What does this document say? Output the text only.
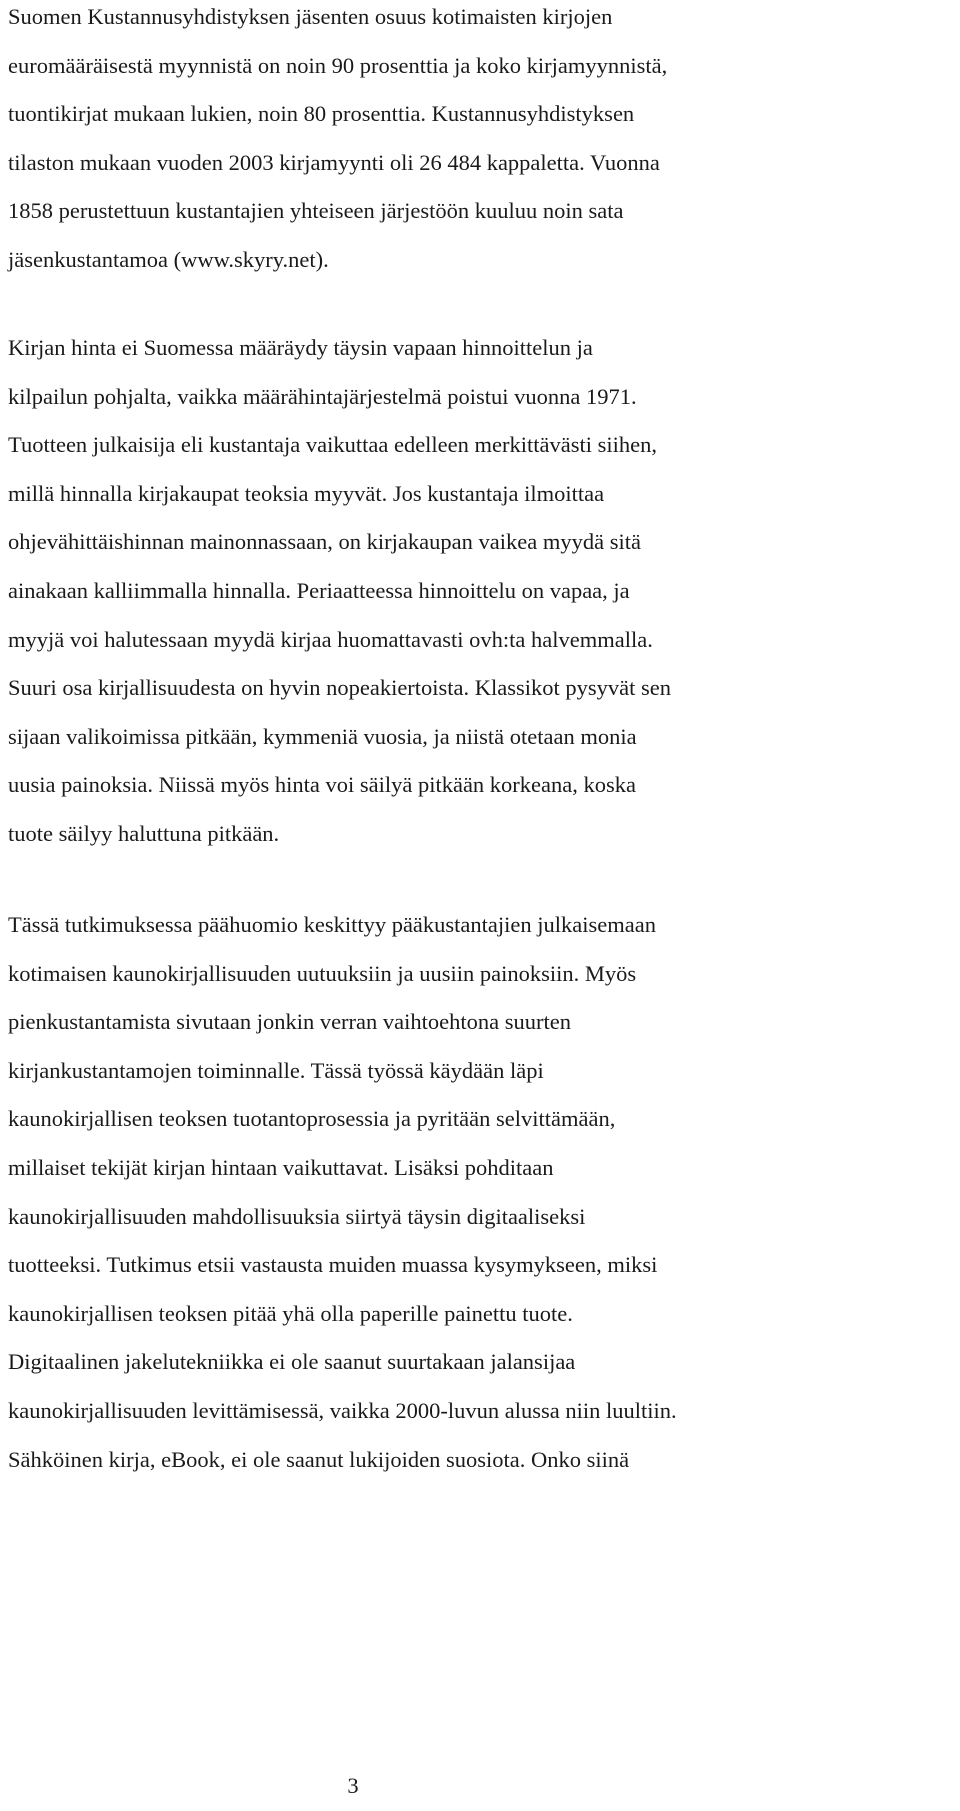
Suomen Kustannusyhdistyksen jäsenten osuus kotimaisten kirjojen
euromääräisestä myynnistä on noin 90 prosenttia ja koko kirjamyynnistä,
tuontikirjat mukaan lukien, noin 80 prosenttia. Kustannusyhdistyksen
tilaston mukaan vuoden 2003 kirjamyynti oli 26 484 kappaletta. Vuonna
1858 perustettuun kustantajien yhteiseen järjestöön kuuluu noin sata
jäsenkustantamoa (www.skyry.net).

Kirjan hinta ei Suomessa määräydy täysin vapaan hinnoittelun ja
kilpailun pohjalta, vaikka määrähintajärjestelmä poistui vuonna 1971.
Tuotteen julkaisija eli kustantaja vaikuttaa edelleen merkittävästi siihen,
millä hinnalla kirjakaupat teoksia myyvät. Jos kustantaja ilmoittaa
ohjevähittäishinnan mainonnassaan, on kirjakaupan vaikea myydä sitä
ainakaan kalliimmalla hinnalla. Periaatteessa hinnoittelu on vapaa, ja
myyjä voi halutessaan myydä kirjaa huomattavasti ovh:ta halvemmalla.
Suuri osa kirjallisuudesta on hyvin nopeakiertoista. Klassikot pysyvät sen
sijaan valikoimissa pitkään, kymmeniä vuosia, ja niistä otetaan monia
uusia painoksia. Niissä myös hinta voi säilyä pitkään korkeana, koska
tuote säilyy haluttuna pitkään.

Tässä tutkimuksessa päähuomio keskittyy pääkustantajien julkaisemaan
kotimaisen kaunokirjallisuuden uutuuksiin ja uusiin painoksiin. Myös
pienkustantamista sivutaan jonkin verran vaihtoehtona suurten
kirjankustantamojen toiminnalle. Tässä työssä käydään läpi
kaunokirjallisen teoksen tuotantoprosessia ja pyritään selvittämään,
millaiset tekijät kirjan hintaan vaikuttavat. Lisäksi pohditaan
kaunokirjallisuuden mahdollisuuksia siirtyä täysin digitaaliseksi
tuotteeksi. Tutkimus etsii vastausta muiden muassa kysymykseen, miksi
kaunokirjallisen teoksen pitää yhä olla paperille painettu tuote.
Digitaalinen jakelutekniikka ei ole saanut suurtakaan jalansijaa
kaunokirjallisuuden levittämisessä, vaikka 2000-luvun alussa niin luultiin.
Sähköinen kirja, eBook, ei ole saanut lukijoiden suosiota. Onko siinä

3
